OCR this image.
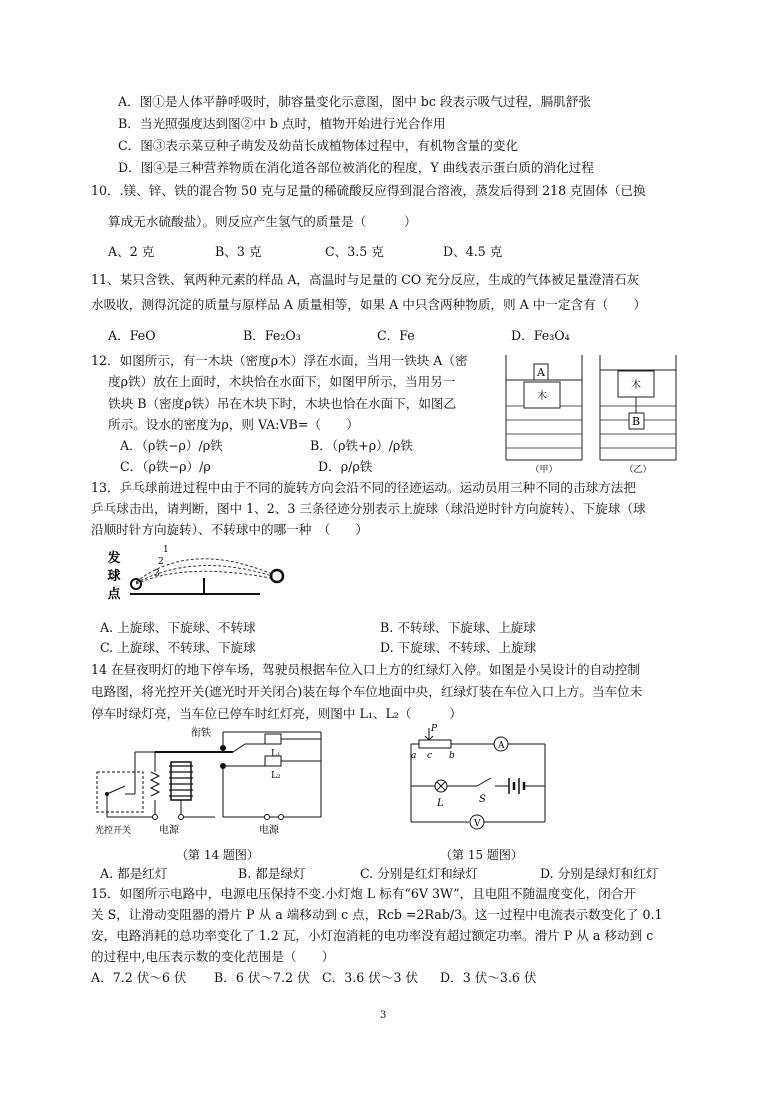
A．图①是人体平静呼吸时，肺容量变化示意图，图中 bc 段表示吸气过程，膈肌舒张
B．当光照强度达到图②中 b 点时，植物开始进行光合作用
C．图③表示菜豆种子萌发及幼苗长成植物体过程中，有机物含量的变化
D．图④是三种营养物质在消化道各部位被消化的程度，Y 曲线表示蛋白质的消化过程
10．.镁、锌、铁的混合物 50 克与足量的稀硫酸反应得到混合溶液，蒸发后得到 218 克固体（已换
算成无水硫酸盐）。则反应产生氢气的质量是（　　　）
A、2 克	B、3 克	C、3.5 克	D、4.5 克
11、某只含铁、氧两种元素的样品 A，高温时与足量的 CO 充分反应，生成的气体被足量澄清石灰
水吸收，测得沉淀的质量与原样品 A 质量相等，如果 A 中只含两种物质，则 A 中一定含有（　　）
A．FeO	B．Fe₂O₃	C．Fe	D．Fe₃O₄
12．如图所示，有一木块（密度ρ木）浮在水面，当用一铁块 A（密
度ρ铁）放在上面时，木块恰在水面下，如图甲所示，当用另一
铁块 B（密度ρ铁）吊在木块下时，木块也恰在水面下，如图乙
所示。设水的密度为ρ，则 VA:VB=（　　）
A．（ρ铁−ρ）/ρ铁	B．（ρ铁+ρ）/ρ铁
C．（ρ铁−ρ）/ρ	D．ρ/ρ铁
A
木
木
B
（甲）	（乙）
13．乒乓球前进过程中由于不同的旋转方向会沿不同的径迹运动。运动员用三种不同的击球方法把
乒乓球击出，请判断，图中 1、2、3 三条径迹分别表示上旋球（球沿逆时针方向旋转）、下旋球（球
沿顺时针方向旋转）、不转球中的哪一种　（　　）
发
球
点
1
2
3
A. 上旋球、下旋球、不转球	B. 不转球、下旋球、上旋球
C. 上旋球、不转球、下旋球	D. 下旋球、不转球、上旋球
14 在昼夜明灯的地下停车场，驾驶员根据车位入口上方的红绿灯入停。如图是小吴设计的自动控制
电路图，将光控开关(遮光时开关闭合)装在每个车位地面中央，红绿灯装在车位入口上方。当车位未
停车时绿灯亮，当车位已停车时红灯亮，则图中 L₁、L₂（　　　）
衔铁
L₁
L₂
电源
电源
光控开关
（第 14 题图）
P
a c b
A
L	S
V
（第 15 题图）
A. 都是红灯	B. 都是绿灯	C. 分别是红灯和绿灯	D. 分别是绿灯和红灯
15．如图所示电路中，电源电压保持不变.小灯炮 L 标有“6V 3W”，且电阻不随温度变化，闭合开
关 S，让滑动变阻器的滑片 P 从 a 端移动到 c 点，Rcb =2Rab/3。这一过程中电流表示数变化了 0.1
安，电路消耗的总功率变化了 1.2 瓦，小灯泡消耗的电功率没有超过额定功率。滑片 P 从 a 移动到 c
的过程中,电压表示数的变化范围是（　　）
A．7.2 伏～6 伏 B．6 伏～7.2 伏 C．3.6 伏～3 伏 D．3 伏～3.6 伏
3
